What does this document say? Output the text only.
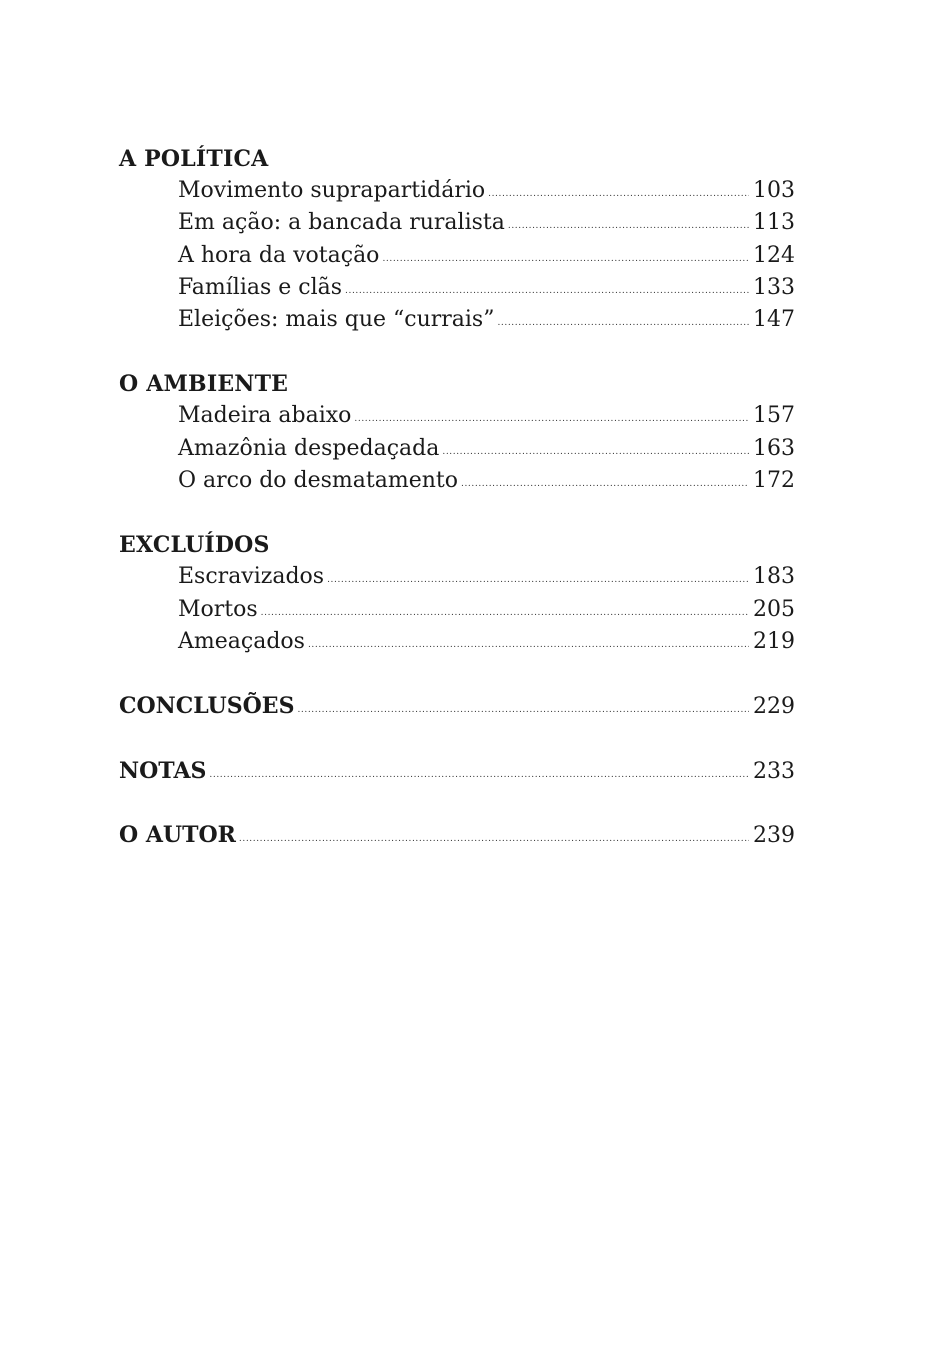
A POLÍTICA
Movimento suprapartidário .....	103
Em ação: a bancada ruralista .....	113
A hora da votação .....	124
Famílias e clãs .....	133
Eleições: mais que “currais” .....	147
O AMBIENTE
Madeira abaixo .....	157
Amazônia despedaçada .....	163
O arco do desmatamento .....	172
EXCLUÍDOS
Escravizados .....	183
Mortos .....	205
Ameaçados .....	219
CONCLUSÕES .....	229
NOTAS .....	233
O AUTOR .....	239
